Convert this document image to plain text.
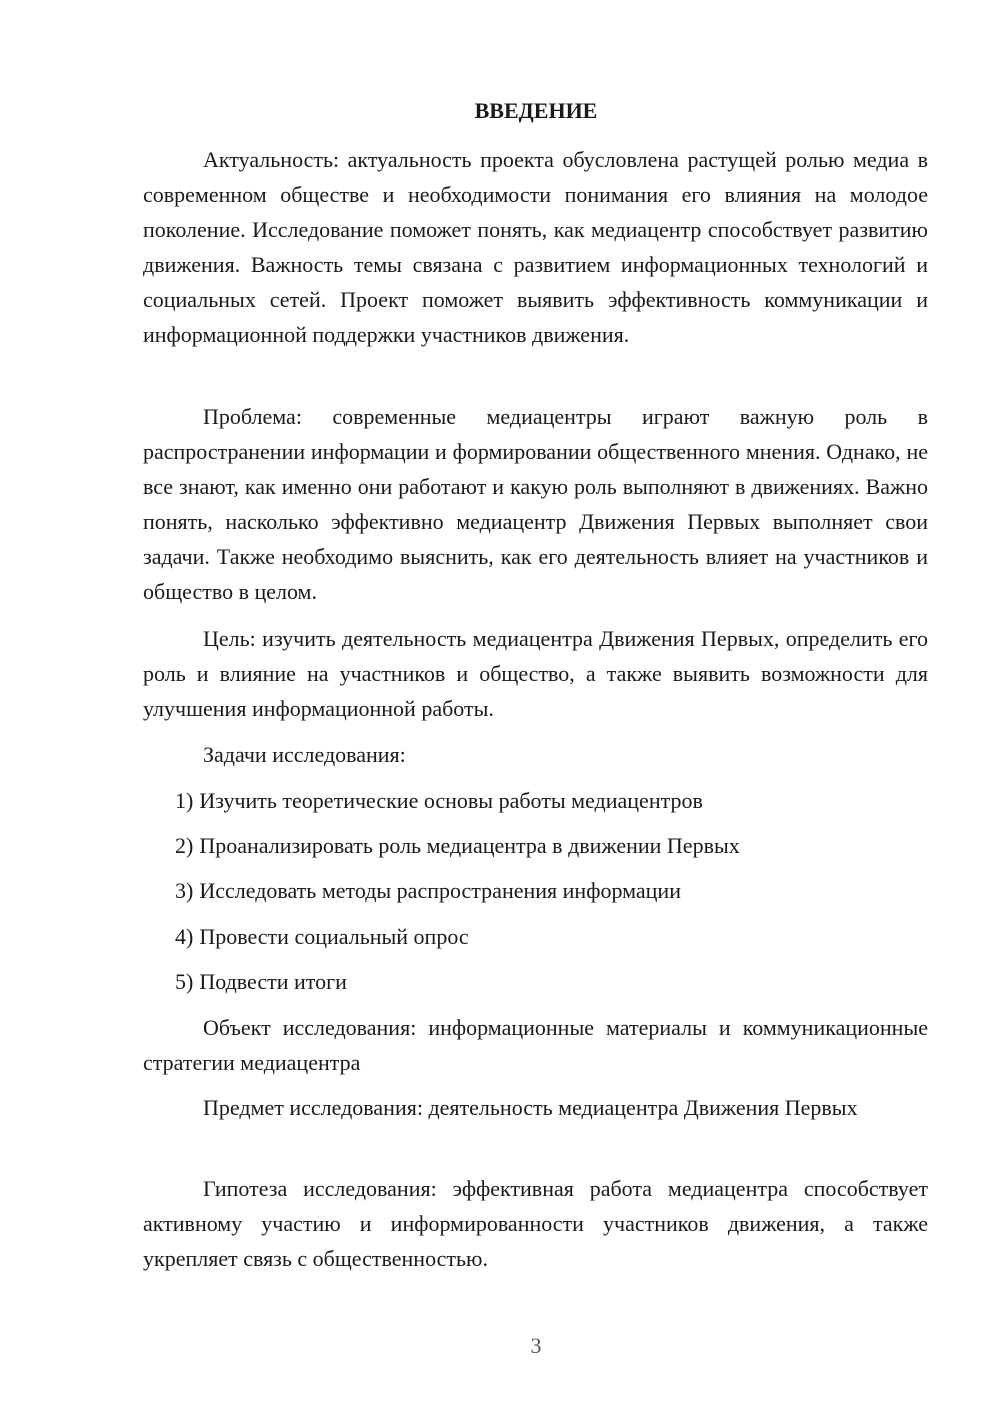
ВВЕДЕНИЕ

Актуальность: актуальность проекта обусловлена растущей ролью медиа в современном обществе и необходимости понимания его влияния на молодое поколение. Исследование поможет понять, как медиацентр способствует развитию движения. Важность темы связана с развитием информационных технологий и социальных сетей. Проект поможет выявить эффективность коммуникации и информационной поддержки участников движения.

Проблема: современные медиацентры играют важную роль в распространении информации и формировании общественного мнения. Однако, не все знают, как именно они работают и какую роль выполняют в движениях. Важно понять, насколько эффективно медиацентр Движения Первых выполняет свои задачи. Также необходимо выяснить, как его деятельность влияет на участников и общество в целом.

Цель: изучить деятельность медиацентра Движения Первых, определить его роль и влияние на участников и общество, а также выявить возможности для улучшения информационной работы.

Задачи исследования:

1) Изучить теоретические основы работы медиацентров

2) Проанализировать роль медиацентра в движении Первых

3) Исследовать методы распространения информации

4) Провести социальный опрос

5) Подвести итоги

Объект исследования: информационные материалы и коммуникационные стратегии медиацентра

Предмет исследования: деятельность медиацентра Движения Первых

Гипотеза исследования: эффективная работа медиацентра способствует активному участию и информированности участников движения, а также укрепляет связь с общественностью.

3
